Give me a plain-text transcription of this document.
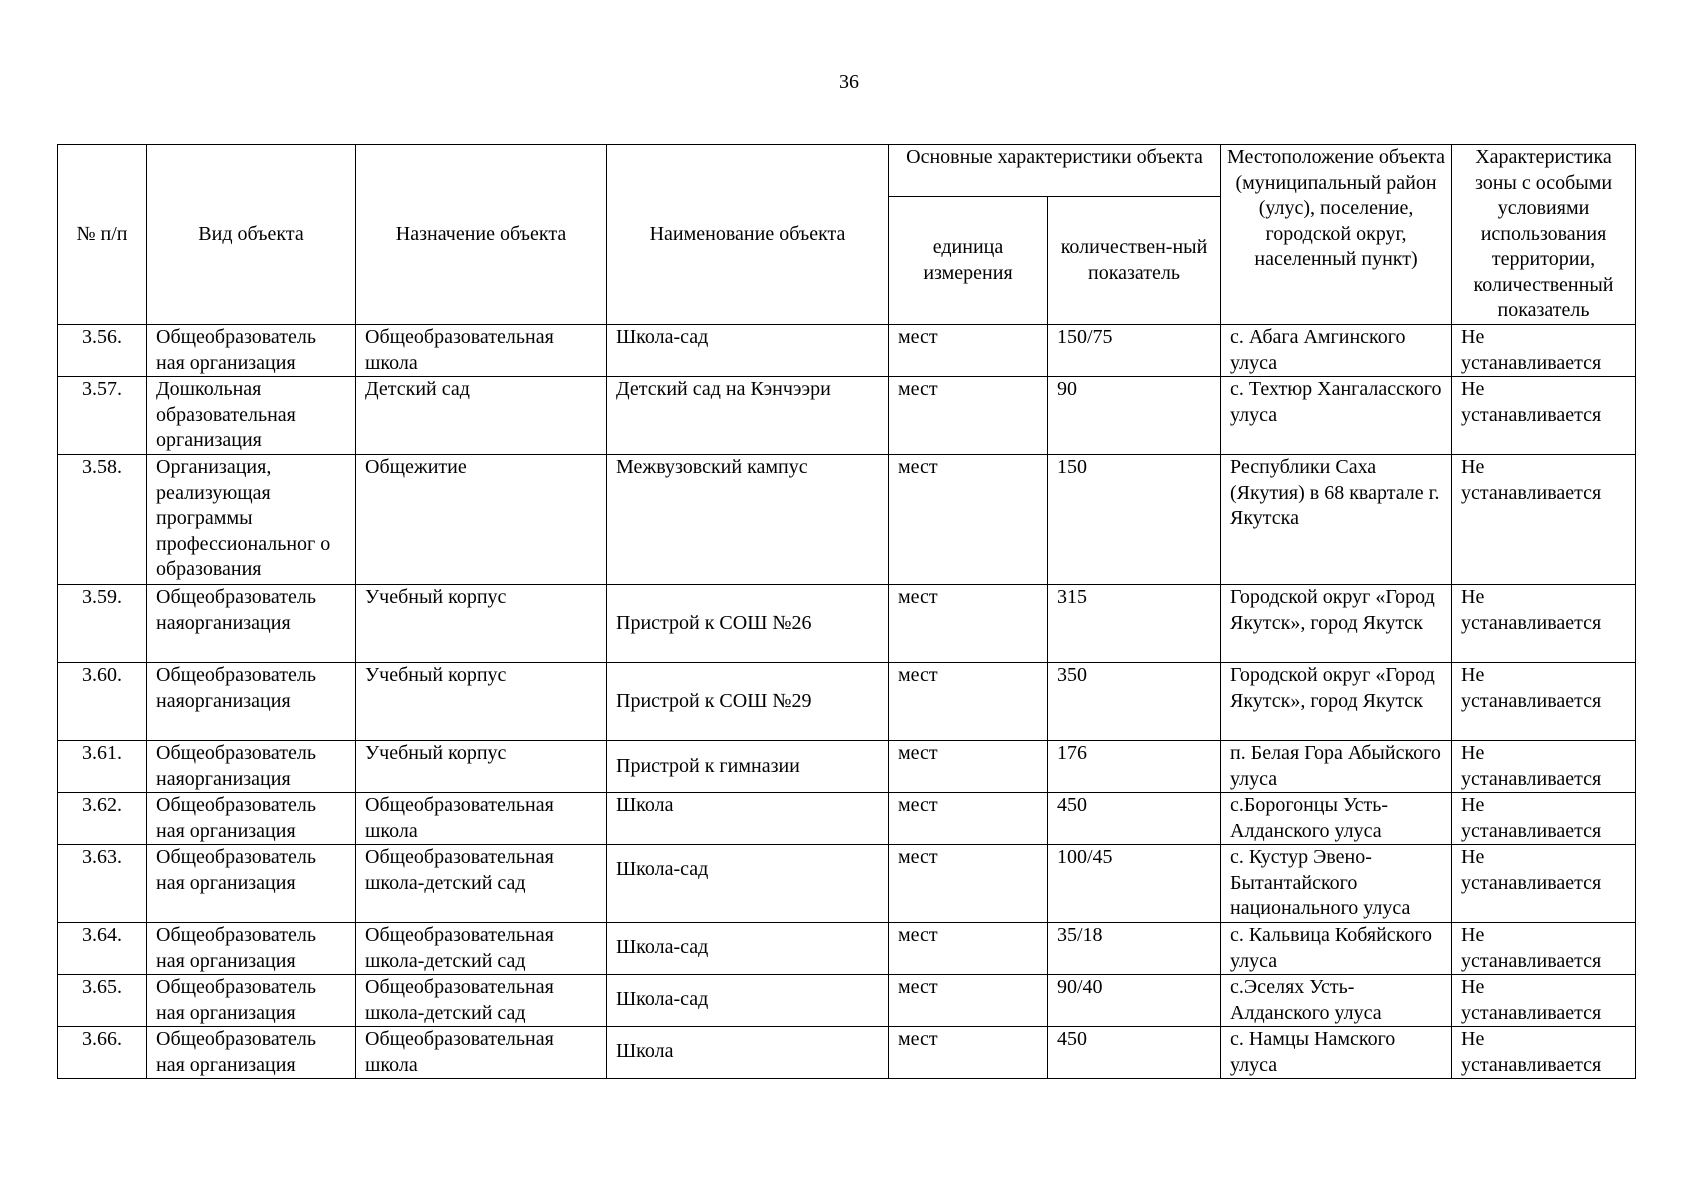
36
№ п/п	Вид объекта	Назначение объекта	Наименование объекта	Основные характеристики объекта		Местоположение объекта (муниципальный район (улус), поселение, городской округ, населенный пункт)	Характеристика зоны с особыми условиями использования территории, количественный показатель
				единица измерения	количествен-ный показатель		
3.56.	Общеобразователь ная организация	Общеобразовательная школа	Школа-сад	мест	150/75	с. Абага Амгинского улуса	Не устанавливается
3.57.	Дошкольная образовательная организация	Детский сад	Детский сад на Кэнчээри	мест	90	с. Техтюр Хангаласского улуса	Не устанавливается
3.58.	Организация, реализующая программы профессиональног о образования	Общежитие	Межвузовский кампус	мест	150	Республики Саха (Якутия) в 68 квартале г. Якутска	Не устанавливается
3.59.	Общеобразователь наяорганизация	Учебный корпус	Пристрой к СОШ №26	мест	315	Городской округ «Город Якутск», город Якутск	Не устанавливается
3.60.	Общеобразователь наяорганизация	Учебный корпус	Пристрой к СОШ №29	мест	350	Городской округ «Город Якутск», город Якутск	Не устанавливается
3.61.	Общеобразователь наяорганизация	Учебный корпус	Пристрой к гимназии	мест	176	п. Белая Гора Абыйского улуса	Не устанавливается
3.62.	Общеобразователь ная организация	Общеобразовательная школа	Школа	мест	450	с.Борогонцы Усть-Алданского улуса	Не устанавливается
3.63.	Общеобразователь ная организация	Общеобразовательная школа-детский сад	Школа-сад	мест	100/45	с. Кустур Эвено-Бытантайского национального улуса	Не устанавливается
3.64.	Общеобразователь ная организация	Общеобразовательная школа-детский сад	Школа-сад	мест	35/18	с. Кальвица Кобяйского улуса	Не устанавливается
3.65.	Общеобразователь ная организация	Общеобразовательная школа-детский сад	Школа-сад	мест	90/40	с.Эселях Усть-Алданского улуса	Не устанавливается
3.66.	Общеобразователь ная организация	Общеобразовательная школа	Школа	мест	450	с. Намцы Намского улуса	Не устанавливается
